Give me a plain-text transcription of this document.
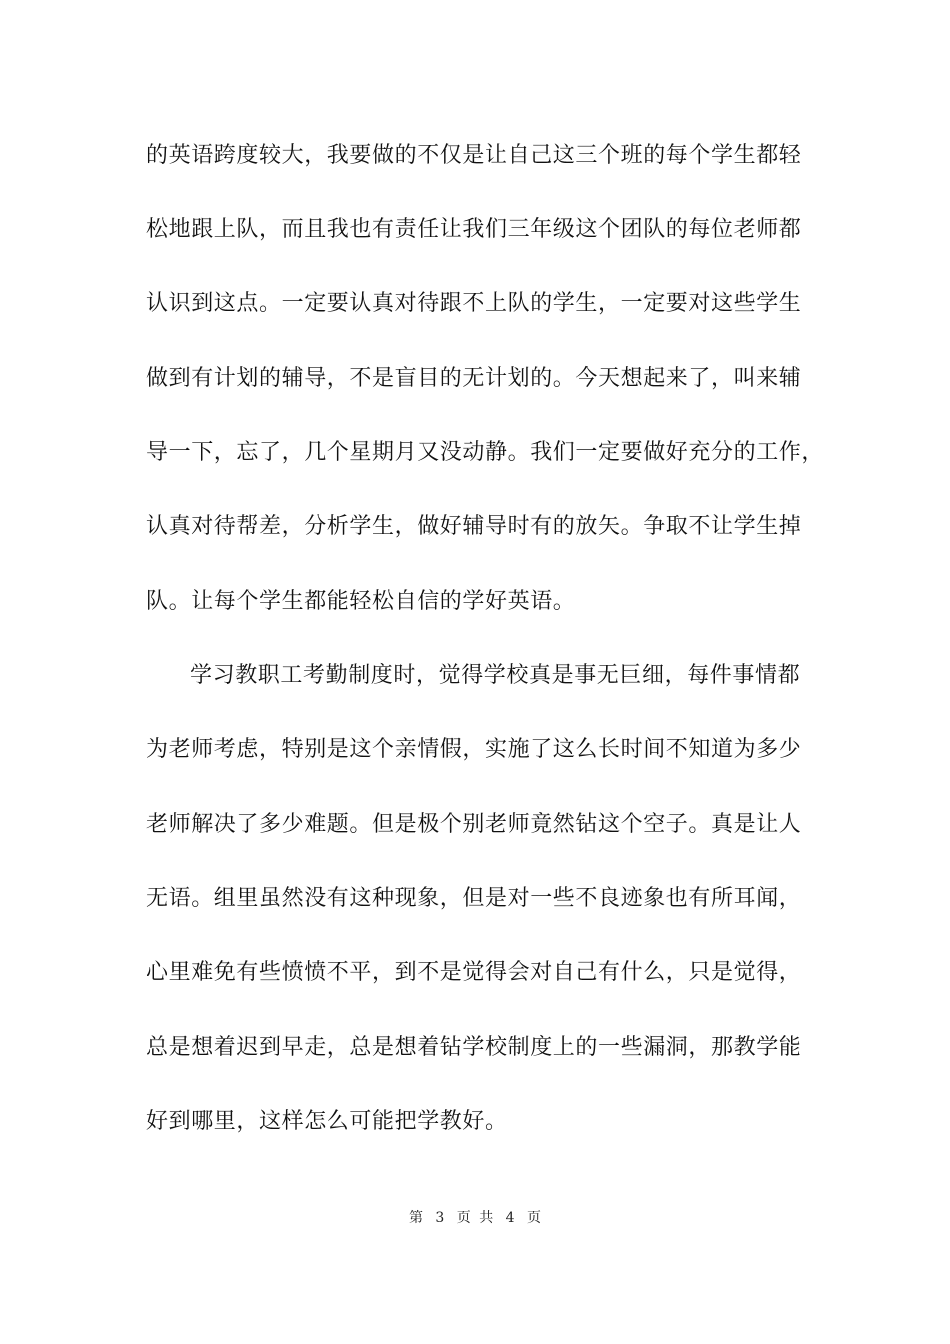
的英语跨度较大，我要做的不仅是让自己这三个班的每个学生都轻
松地跟上队，而且我也有责任让我们三年级这个团队的每位老师都
认识到这点。一定要认真对待跟不上队的学生，一定要对这些学生
做到有计划的辅导，不是盲目的无计划的。今天想起来了，叫来辅
导一下，忘了，几个星期月又没动静。我们一定要做好充分的工作，
认真对待帮差，分析学生，做好辅导时有的放矢。争取不让学生掉
队。让每个学生都能轻松自信的学好英语。
学习教职工考勤制度时，觉得学校真是事无巨细，每件事情都
为老师考虑，特别是这个亲情假，实施了这么长时间不知道为多少
老师解决了多少难题。但是极个别老师竟然钻这个空子。真是让人
无语。组里虽然没有这种现象，但是对一些不良迹象也有所耳闻，
心里难免有些愤愤不平，到不是觉得会对自己有什么，只是觉得，
总是想着迟到早走，总是想着钻学校制度上的一些漏洞，那教学能
好到哪里，这样怎么可能把学教好。
第 3 页 共 4 页
